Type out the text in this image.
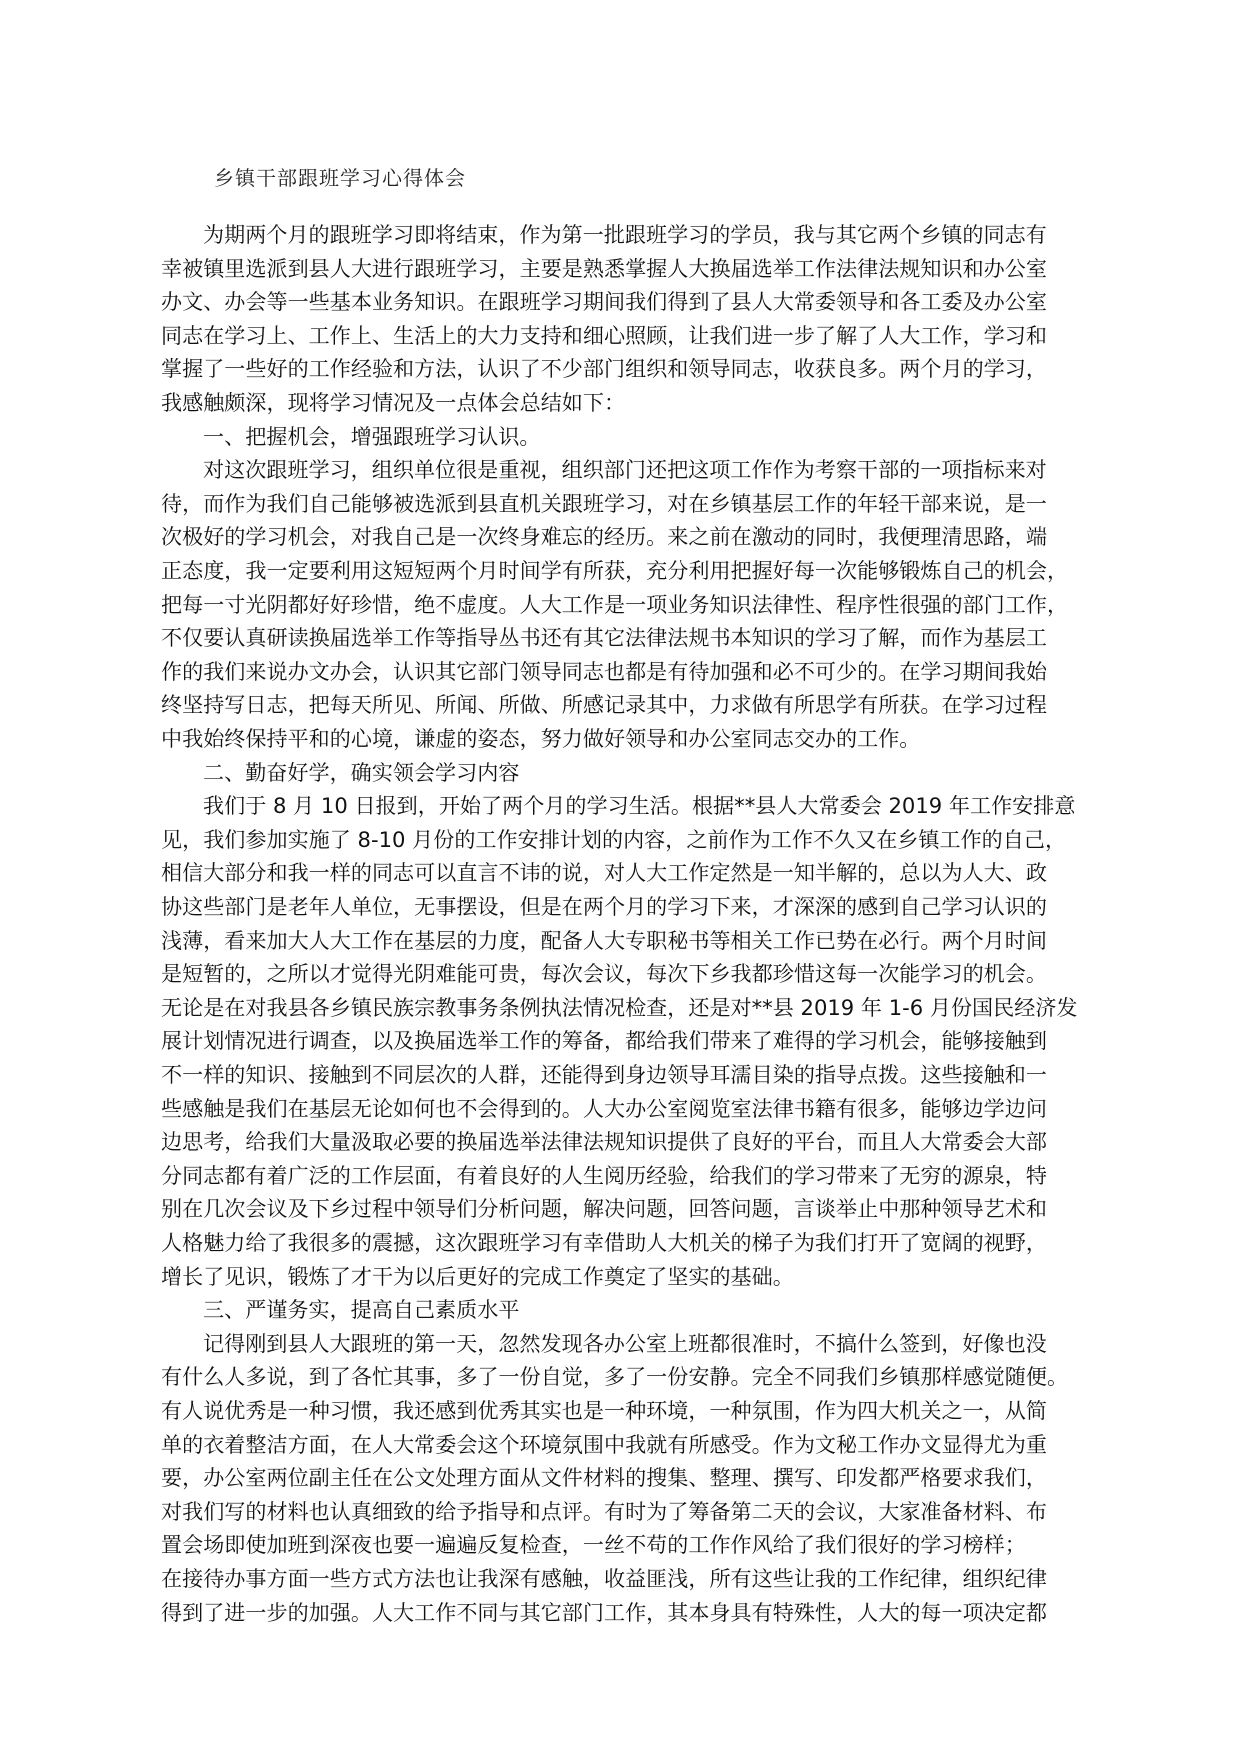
乡镇干部跟班学习心得体会
为期两个月的跟班学习即将结束，作为第一批跟班学习的学员，我与其它两个乡镇的同志有
幸被镇里选派到县人大进行跟班学习，主要是熟悉掌握人大换届选举工作法律法规知识和办公室
办文、办会等一些基本业务知识。在跟班学习期间我们得到了县人大常委领导和各工委及办公室
同志在学习上、工作上、生活上的大力支持和细心照顾，让我们进一步了解了人大工作，学习和
掌握了一些好的工作经验和方法，认识了不少部门组织和领导同志，收获良多。两个月的学习，
我感触颇深，现将学习情况及一点体会总结如下：
一、把握机会，增强跟班学习认识。
对这次跟班学习，组织单位很是重视，组织部门还把这项工作作为考察干部的一项指标来对
待，而作为我们自己能够被选派到县直机关跟班学习，对在乡镇基层工作的年轻干部来说，是一
次极好的学习机会，对我自己是一次终身难忘的经历。来之前在激动的同时，我便理清思路，端
正态度，我一定要利用这短短两个月时间学有所获，充分利用把握好每一次能够锻炼自己的机会，
把每一寸光阴都好好珍惜，绝不虚度。人大工作是一项业务知识法律性、程序性很强的部门工作，
不仅要认真研读换届选举工作等指导丛书还有其它法律法规书本知识的学习了解，而作为基层工
作的我们来说办文办会，认识其它部门领导同志也都是有待加强和必不可少的。在学习期间我始
终坚持写日志，把每天所见、所闻、所做、所感记录其中，力求做有所思学有所获。在学习过程
中我始终保持平和的心境，谦虚的姿态，努力做好领导和办公室同志交办的工作。
二、勤奋好学，确实领会学习内容
我们于 8 月 10 日报到，开始了两个月的学习生活。根据**县人大常委会 2019 年工作安排意
见，我们参加实施了 8-10 月份的工作安排计划的内容，之前作为工作不久又在乡镇工作的自己，
相信大部分和我一样的同志可以直言不讳的说，对人大工作定然是一知半解的，总以为人大、政
协这些部门是老年人单位，无事摆设，但是在两个月的学习下来，才深深的感到自己学习认识的
浅薄，看来加大人大工作在基层的力度，配备人大专职秘书等相关工作已势在必行。两个月时间
是短暂的，之所以才觉得光阴难能可贵，每次会议，每次下乡我都珍惜这每一次能学习的机会。
无论是在对我县各乡镇民族宗教事务条例执法情况检查，还是对**县 2019 年 1-6 月份国民经济发
展计划情况进行调查，以及换届选举工作的筹备，都给我们带来了难得的学习机会，能够接触到
不一样的知识、接触到不同层次的人群，还能得到身边领导耳濡目染的指导点拨。这些接触和一
些感触是我们在基层无论如何也不会得到的。人大办公室阅览室法律书籍有很多，能够边学边问
边思考，给我们大量汲取必要的换届选举法律法规知识提供了良好的平台，而且人大常委会大部
分同志都有着广泛的工作层面，有着良好的人生阅历经验，给我们的学习带来了无穷的源泉，特
别在几次会议及下乡过程中领导们分析问题，解决问题，回答问题，言谈举止中那种领导艺术和
人格魅力给了我很多的震撼，这次跟班学习有幸借助人大机关的梯子为我们打开了宽阔的视野，
增长了见识，锻炼了才干为以后更好的完成工作奠定了坚实的基础。
三、严谨务实，提高自己素质水平
记得刚到县人大跟班的第一天，忽然发现各办公室上班都很准时，不搞什么签到，好像也没
有什么人多说，到了各忙其事，多了一份自觉，多了一份安静。完全不同我们乡镇那样感觉随便。
有人说优秀是一种习惯，我还感到优秀其实也是一种环境，一种氛围，作为四大机关之一，从简
单的衣着整洁方面，在人大常委会这个环境氛围中我就有所感受。作为文秘工作办文显得尤为重
要，办公室两位副主任在公文处理方面从文件材料的搜集、整理、撰写、印发都严格要求我们，
对我们写的材料也认真细致的给予指导和点评。有时为了筹备第二天的会议，大家准备材料、布
置会场即使加班到深夜也要一遍遍反复检查，一丝不苟的工作作风给了我们很好的学习榜样；
在接待办事方面一些方式方法也让我深有感触，收益匪浅，所有这些让我的工作纪律，组织纪律
得到了进一步的加强。人大工作不同与其它部门工作，其本身具有特殊性，人大的每一项决定都
